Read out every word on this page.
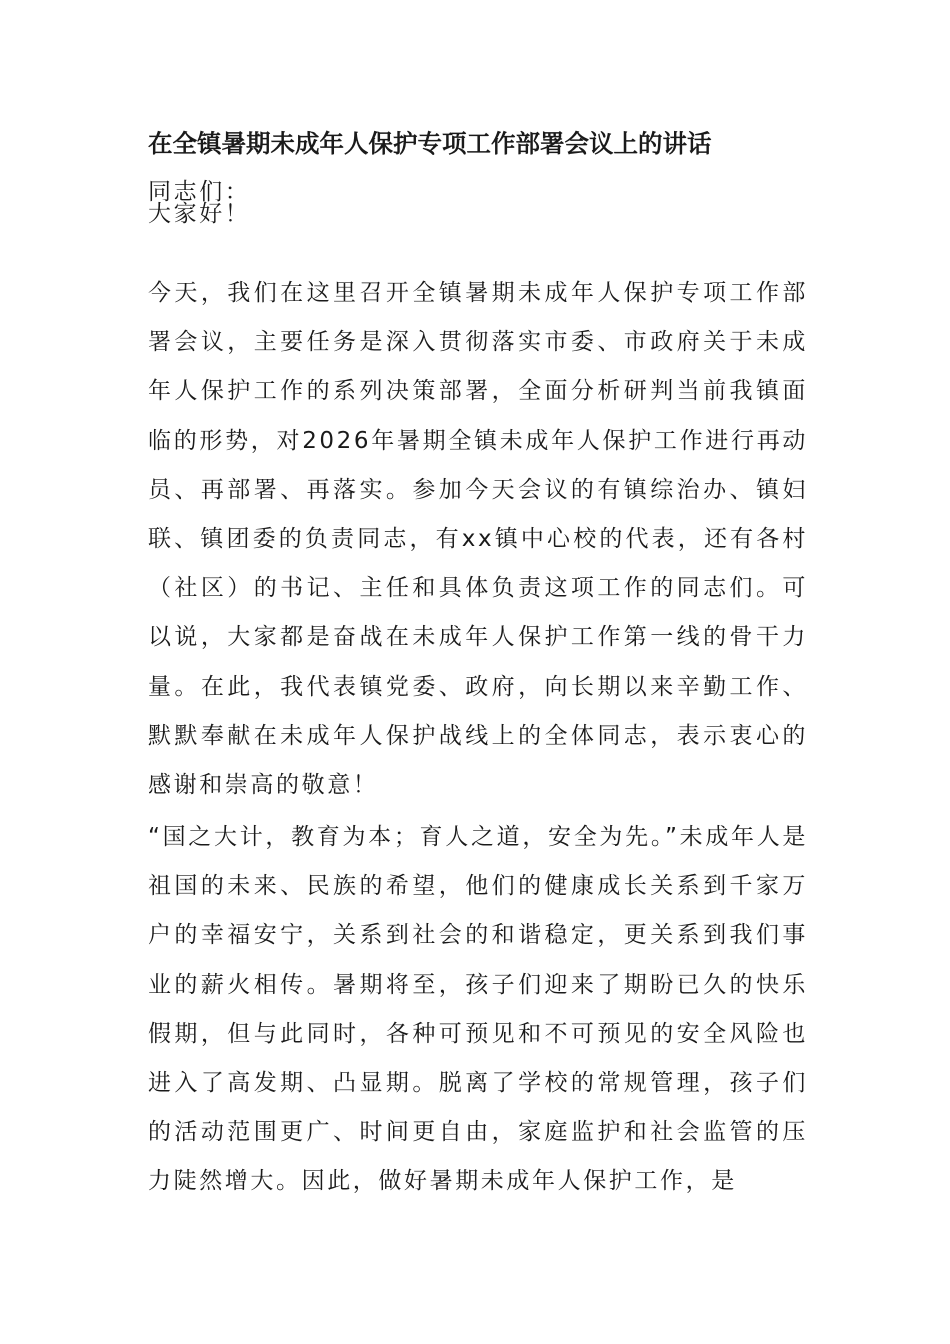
在全镇暑期未成年人保护专项工作部署会议上的讲话

同志们：

大家好！

今天，我们在这里召开全镇暑期未成年人保护专项工作部署会议，主要任务是深入贯彻落实市委、市政府关于未成年人保护工作的系列决策部署，全面分析研判当前我镇面临的形势，对2026年暑期全镇未成年人保护工作进行再动员、再部署、再落实。参加今天会议的有镇综治办、镇妇联、镇团委的负责同志，有xx镇中心校的代表，还有各村（社区）的书记、主任和具体负责这项工作的同志们。可以说，大家都是奋战在未成年人保护工作第一线的骨干力量。在此，我代表镇党委、政府，向长期以来辛勤工作、默默奉献在未成年人保护战线上的全体同志，表示衷心的感谢和崇高的敬意！

“国之大计，教育为本；育人之道，安全为先。”未成年人是祖国的未来、民族的希望，他们的健康成长关系到千家万户的幸福安宁，关系到社会的和谐稳定，更关系到我们事业的薪火相传。暑期将至，孩子们迎来了期盼已久的快乐假期，但与此同时，各种可预见和不可预见的安全风险也进入了高发期、凸显期。脱离了学校的常规管理，孩子们的活动范围更广、时间更自由，家庭监护和社会监管的压力陡然增大。因此，做好暑期未成年人保护工作，是
